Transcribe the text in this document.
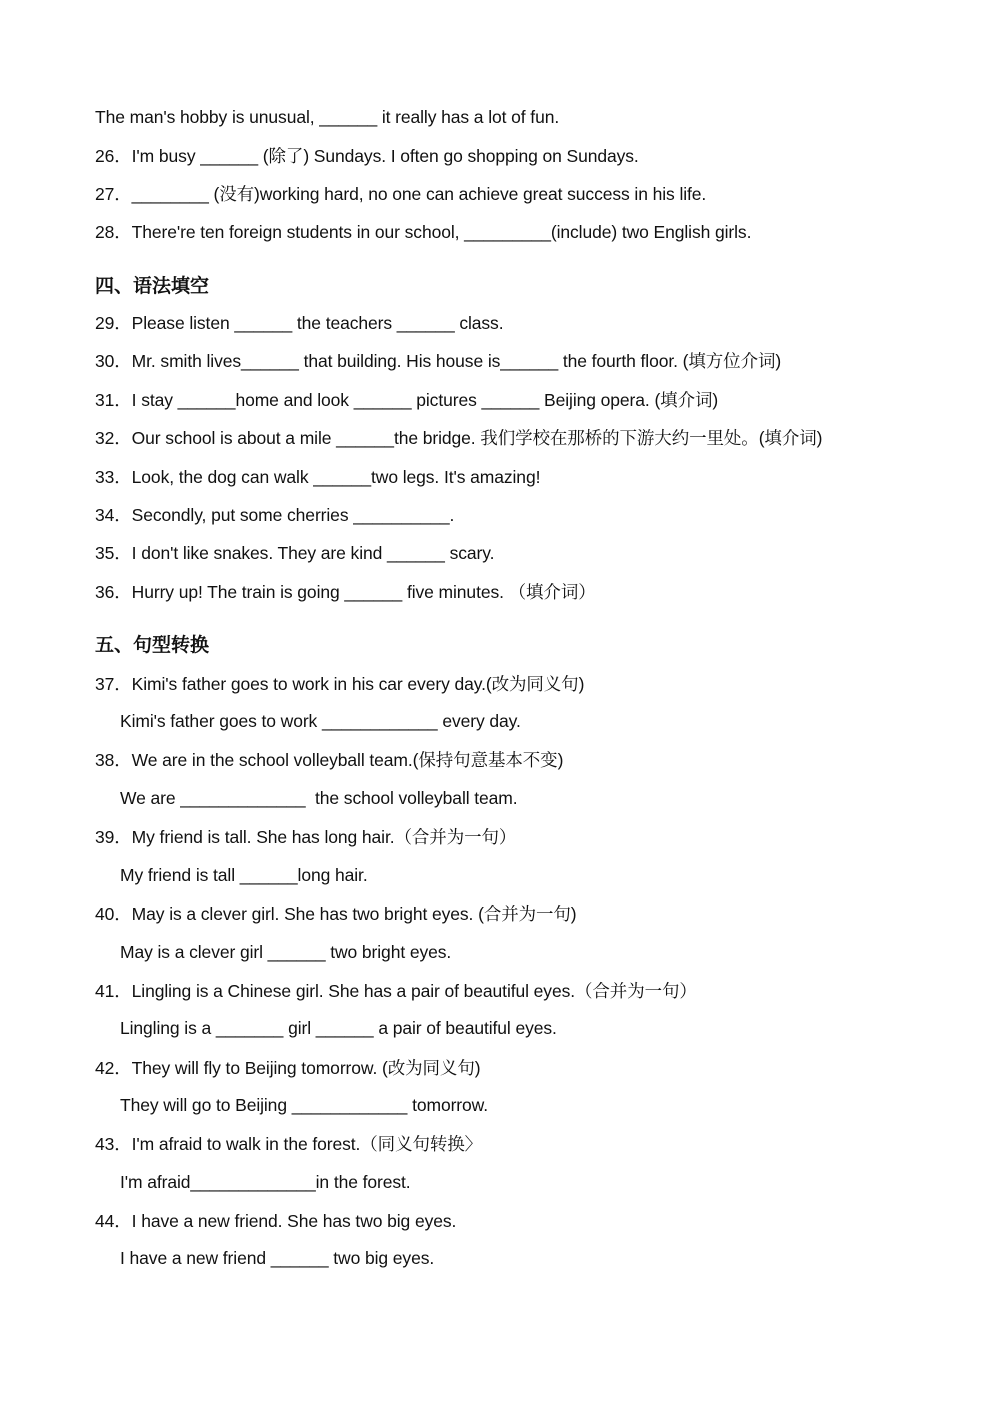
The man's hobby is unusual, ______ it really has a lot of fun.
26．I'm busy ______ (除了) Sundays. I often go shopping on Sundays.
27．________ (没有)working hard, no one can achieve great success in his life.
28．There're ten foreign students in our school, _________(include) two English girls.
四、语法填空
29．Please listen ______ the teachers ______ class.
30．Mr. smith lives______ that building. His house is______ the fourth floor. (填方位介词)
31．I stay ______home and look ______ pictures ______ Beijing opera. (填介词)
32．Our school is about a mile ______the bridge. 我们学校在那桥的下游大约一里处。(填介词)
33．Look, the dog can walk ______two legs. It's amazing!
34．Secondly, put some cherries __________.
35．I don't like snakes. They are kind ______ scary.
36．Hurry up! The train is going ______ five minutes. （填介词）
五、句型转换
37．Kimi's father goes to work in his car every day.(改为同义句)
Kimi's father goes to work ____________ every day.
38．We are in the school volleyball team.(保持句意基本不变)
We are _____________  the school volleyball team.
39．My friend is tall. She has long hair.（合并为一句）
My friend is tall ______long hair.
40．May is a clever girl. She has two bright eyes. (合并为一句)
May is a clever girl ______ two bright eyes.
41．Lingling is a Chinese girl. She has a pair of beautiful eyes.（合并为一句）
Lingling is a _______ girl ______ a pair of beautiful eyes.
42．They will fly to Beijing tomorrow. (改为同义句)
They will go to Beijing ____________ tomorrow.
43．I'm afraid to walk in the forest.（同义句转换〉
I'm afraid_____________in the forest.
44．I have a new friend. She has two big eyes.
I have a new friend ______ two big eyes.
